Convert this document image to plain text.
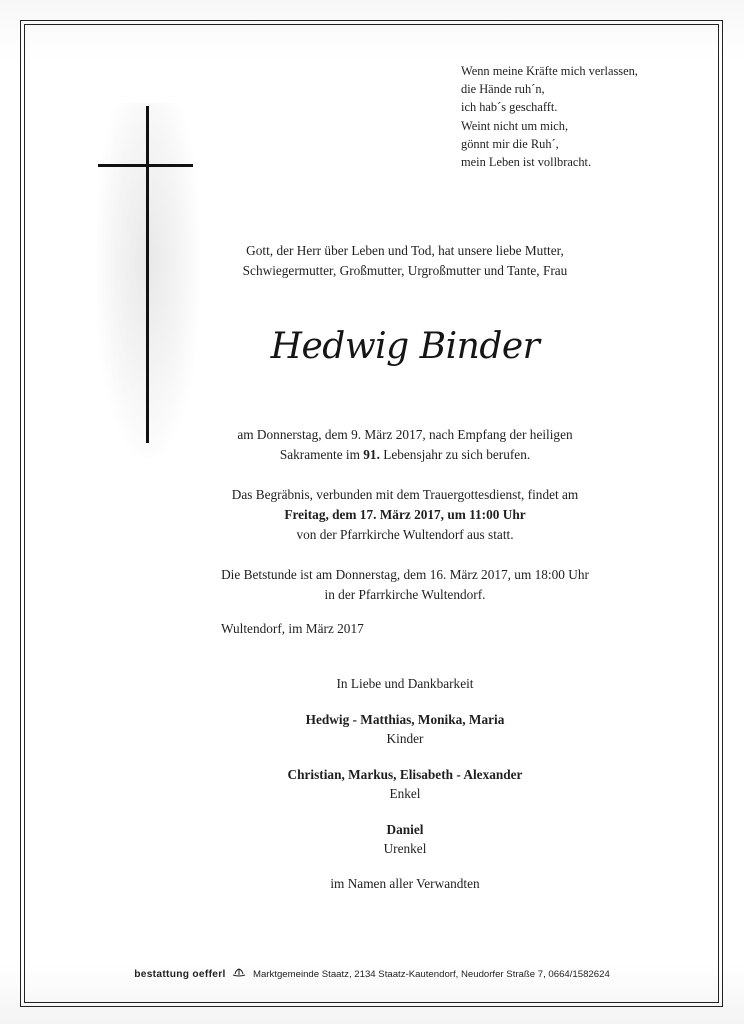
Wenn meine Kräfte mich verlassen,
die Hände ruh´n,
ich hab´s geschafft.
Weint nicht um mich,
gönnt mir die Ruh´,
mein Leben ist vollbracht.
Gott, der Herr über Leben und Tod, hat unsere liebe Mutter,
Schwiegermutter, Großmutter, Urgroßmutter und Tante, Frau
Hedwig Binder
am Donnerstag, dem 9. März 2017, nach Empfang der heiligen
Sakramente im 91. Lebensjahr zu sich berufen.
Das Begräbnis, verbunden mit dem Trauergottesdienst, findet am
Freitag, dem 17. März 2017, um 11:00 Uhr
von der Pfarrkirche Wultendorf aus statt.
Die Betstunde ist am Donnerstag, dem 16. März 2017, um 18:00 Uhr
in der Pfarrkirche Wultendorf.
Wultendorf, im März 2017
In Liebe und Dankbarkeit
Hedwig - Matthias, Monika, Maria
Kinder
Christian, Markus, Elisabeth - Alexander
Enkel
Daniel
Urenkel
im Namen aller Verwandten
bestattung oefferl	Marktgemeinde Staatz, 2134 Staatz-Kautendorf, Neudorfer Straße 7, 0664/1582624
